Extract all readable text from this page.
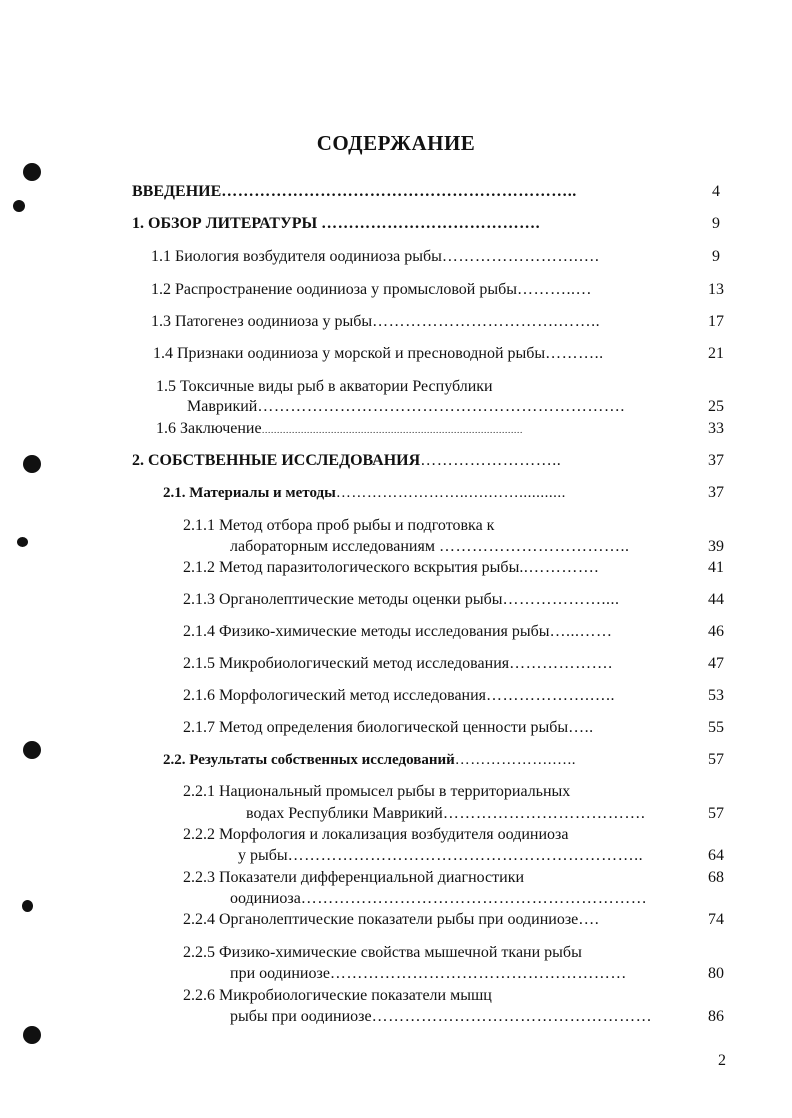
СОДЕРЖАНИЕ
ВВЕДЕНИЕ………………………………………………………..	4
1. ОБЗОР ЛИТЕРАТУРЫ ………………………………….	9
1.1 Биология возбудителя оодиниоза рыбы…………………….….	9
1.2 Распространение оодиниоза у промысловой рыбы………..…	13
1.3 Патогенез оодиниоза у рыбы…………………………….……..	17
1.4 Признаки оодиниоза у морской и пресноводной рыбы………..	21
1.5 Токсичные виды рыб в акватории Республики
Маврикий………………………………………………………….	25
1.6 Заключение……………………………………………………………………………	33
2. СОБСТВЕННЫЕ ИССЛЕДОВАНИЯ……………………..	37
2.1. Материалы и методы……………………..….……...........	37
2.1.1 Метод отбора проб рыбы и подготовка к
лабораторным исследованиям ……………………………..	39
2.1.2 Метод паразитологического вскрытия рыбы..………….	41
2.1.3 Органолептические методы оценки рыбы………………....	44
2.1.4 Физико-химические методы исследования рыбы…...……	46
2.1.5 Микробиологический метод исследования……………….	47
2.1.6 Морфологический метод исследования……………….…..	53
2.1.7 Метод определения биологической ценности рыбы…..	55
2.2. Результаты собственных исследований……………….…..	57
2.2.1 Национальный промысел рыбы в территориальных
водах Республики Маврикий……………………………….	57
2.2.2 Морфология и локализация возбудителя оодиниоза
у рыбы………………………………………………………..	64
2.2.3 Показатели дифференциальной диагностики	68
оодиниоза………………………………………………………
2.2.4 Органолептические показатели рыбы при оодиниозе….	74
2.2.5 Физико-химические свойства мышечной ткани рыбы
при оодиниозе………………………………………………	80
2.2.6 Микробиологические показатели мышц
рыбы при оодиниозе……………………………………………	86
2
